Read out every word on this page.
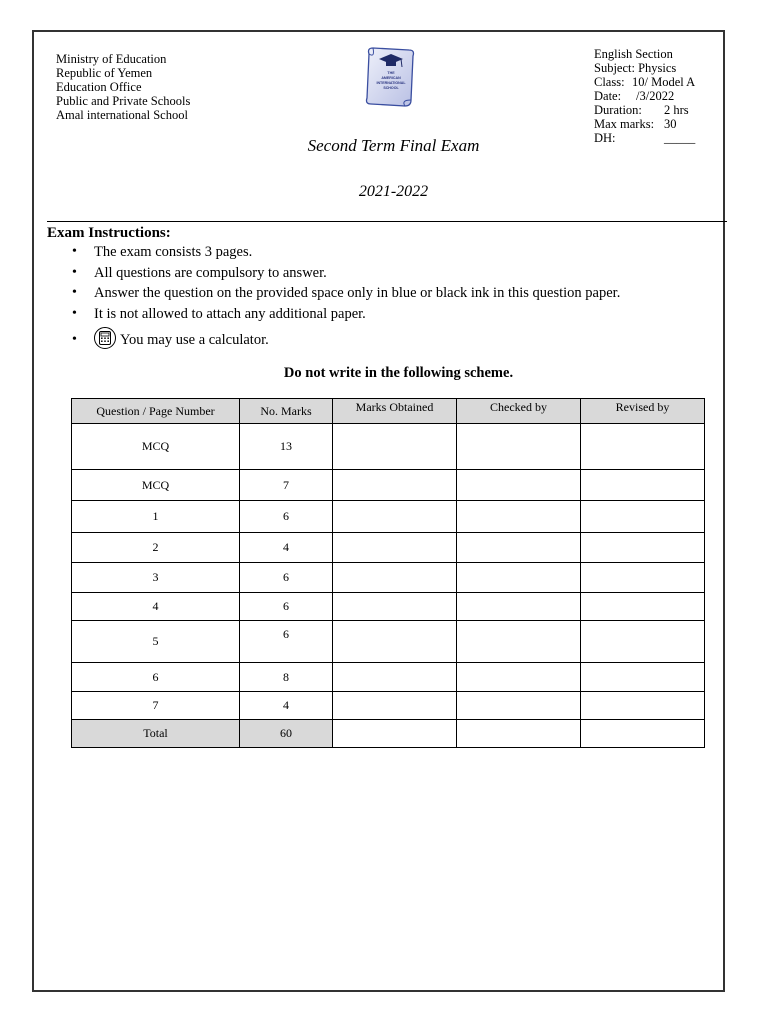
Ministry of Education
Republic of Yemen
Education Office
Public and Private Schools
Amal international School
THE
AMERICAN
INTERNATIONAL
SCHOOL
English Section
Subject: Physics
Class: 10/ Model A
Date:	/3/2022
Duration:	2 hrs
Max marks: 30
DH:	_____
Second Term Final Exam
2021-2022
Exam Instructions:
• The exam consists 3 pages.
• All questions are compulsory to answer.
• Answer the question on the provided space only in blue or black ink in this question paper.
• It is not allowed to attach any additional paper.
• You may use a calculator.
Do not write in the following scheme.
Question / Page Number	No. Marks	Marks Obtained	Checked by	Revised by
MCQ	13			
MCQ	7			
1	6			
2	4			
3	6			
4	6			
5	6			
6	8			
7	4			
Total	60			
